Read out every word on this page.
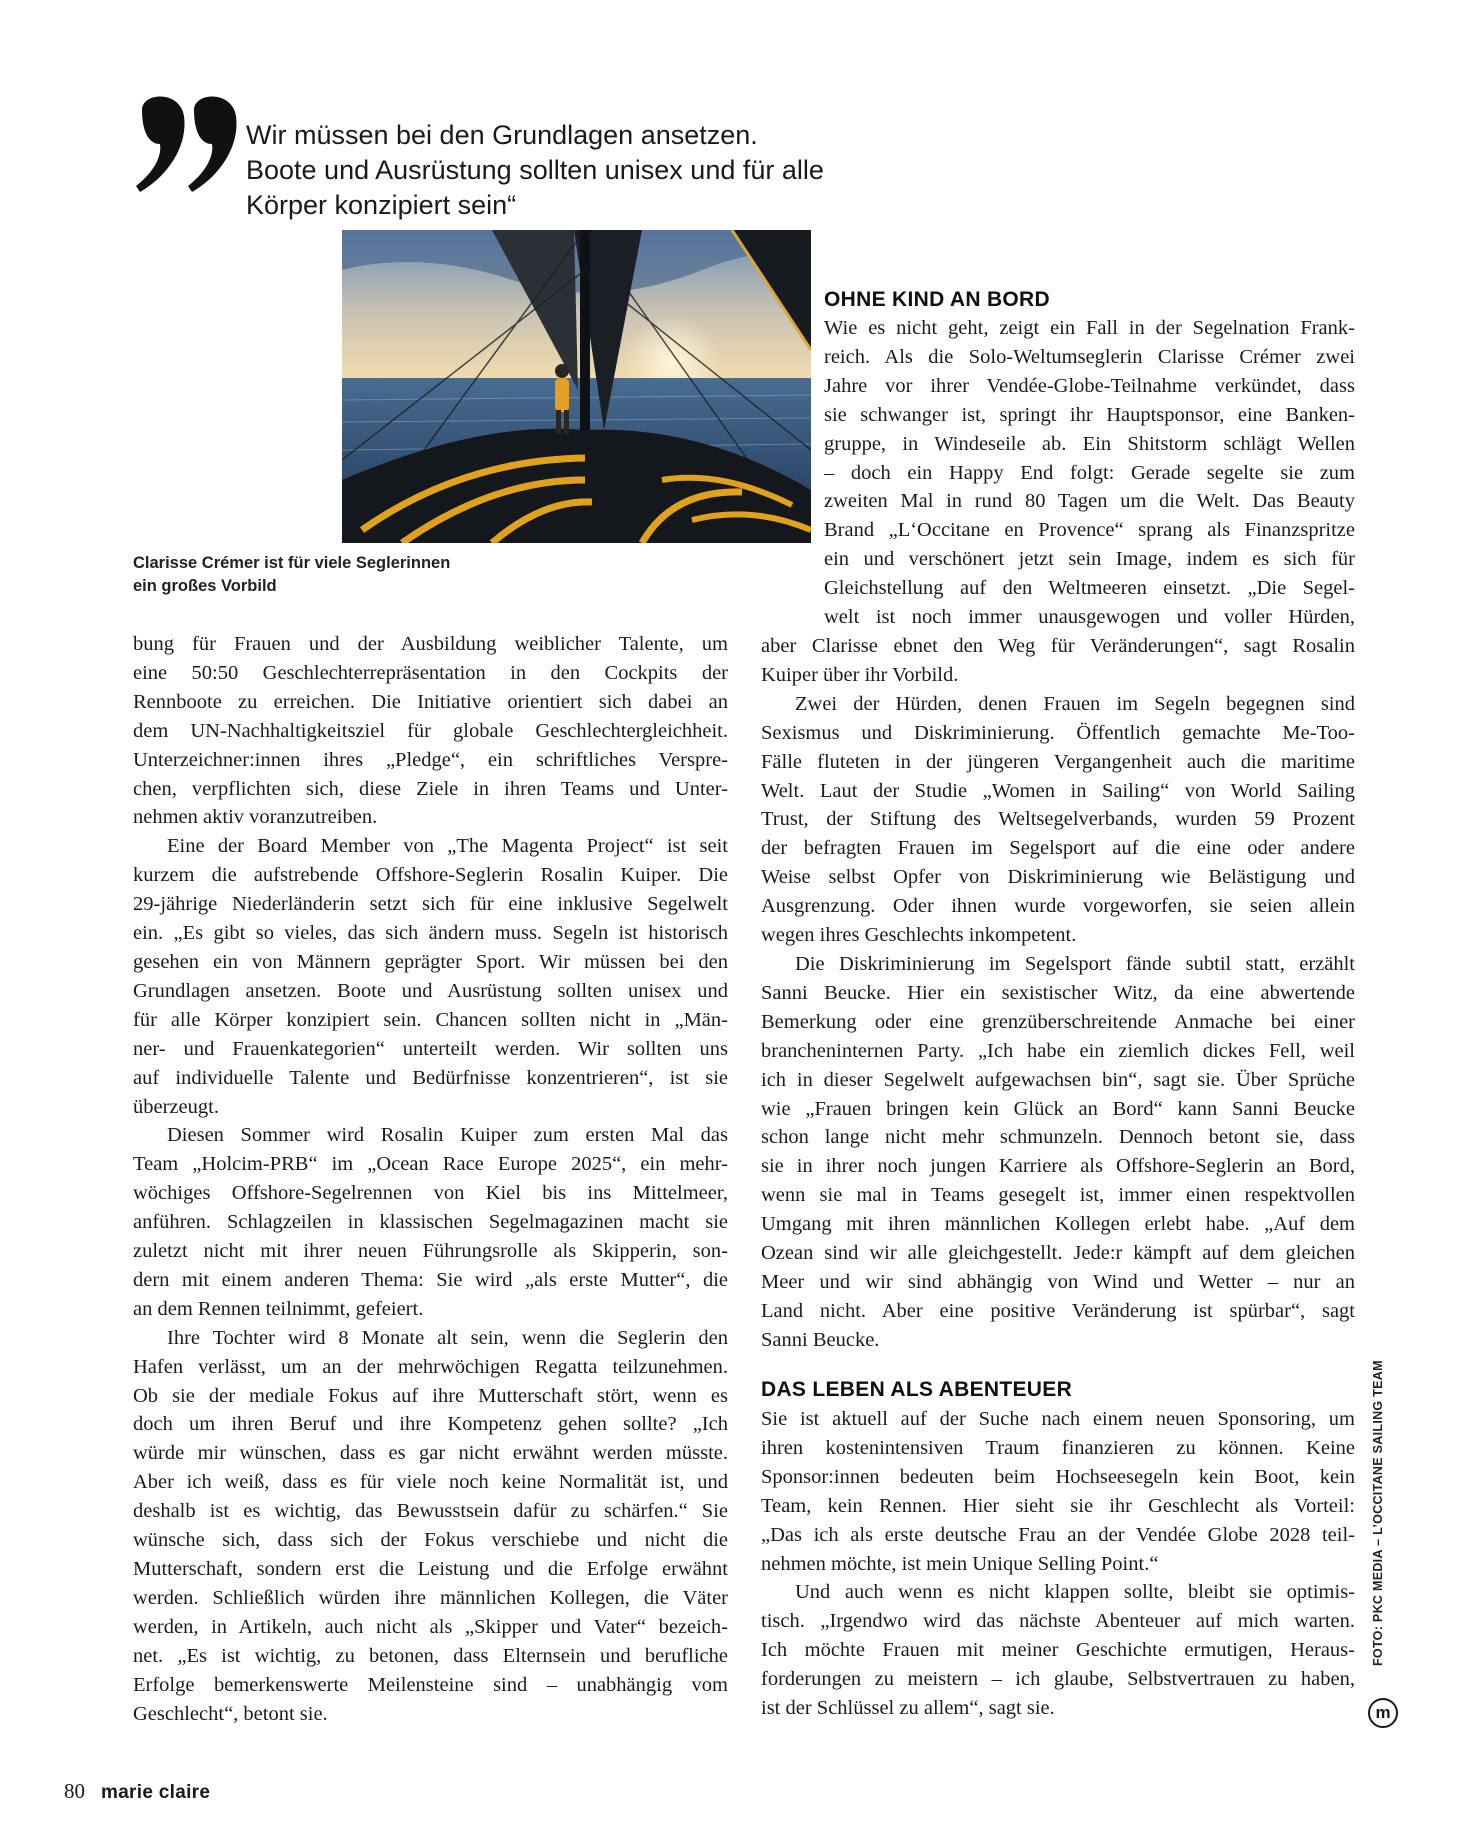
Wir müssen bei den Grundlagen ansetzen.
Boote und Ausrüstung sollten unisex und für alle
Körper konzipiert sein“
Clarisse Crémer ist für viele Seglerinnen
ein großes Vorbild
bung für Frauen und der Ausbildung weiblicher Talente, um
eine 50:50 Geschlechterrepräsentation in den Cockpits der
Rennboote zu erreichen. Die Initiative orientiert sich dabei an
dem UN-Nachhaltigkeitsziel für globale Geschlechtergleichheit.
Unterzeichner:innen ihres „Pledge“, ein schriftliches Verspre-
chen, verpflichten sich, diese Ziele in ihren Teams und Unter-
nehmen aktiv voranzutreiben.
Eine der Board Member von „The Magenta Project“ ist seit
kurzem die aufstrebende Offshore-Seglerin Rosalin Kuiper. Die
29-jährige Niederländerin setzt sich für eine inklusive Segelwelt
ein. „Es gibt so vieles, das sich ändern muss. Segeln ist historisch
gesehen ein von Männern geprägter Sport. Wir müssen bei den
Grundlagen ansetzen. Boote und Ausrüstung sollten unisex und
für alle Körper konzipiert sein. Chancen sollten nicht in „Män-
ner- und Frauenkategorien“ unterteilt werden. Wir sollten uns
auf individuelle Talente und Bedürfnisse konzentrieren“, ist sie
überzeugt.
Diesen Sommer wird Rosalin Kuiper zum ersten Mal das
Team „Holcim-PRB“ im „Ocean Race Europe 2025“, ein mehr-
wöchiges Offshore-Segelrennen von Kiel bis ins Mittelmeer,
anführen. Schlagzeilen in klassischen Segelmagazinen macht sie
zuletzt nicht mit ihrer neuen Führungsrolle als Skipperin, son-
dern mit einem anderen Thema: Sie wird „als erste Mutter“, die
an dem Rennen teilnimmt, gefeiert.
Ihre Tochter wird 8 Monate alt sein, wenn die Seglerin den
Hafen verlässt, um an der mehrwöchigen Regatta teilzunehmen.
Ob sie der mediale Fokus auf ihre Mutterschaft stört, wenn es
doch um ihren Beruf und ihre Kompetenz gehen sollte? „Ich
würde mir wünschen, dass es gar nicht erwähnt werden müsste.
Aber ich weiß, dass es für viele noch keine Normalität ist, und
deshalb ist es wichtig, das Bewusstsein dafür zu schärfen.“ Sie
wünsche sich, dass sich der Fokus verschiebe und nicht die
Mutterschaft, sondern erst die Leistung und die Erfolge erwähnt
werden. Schließlich würden ihre männlichen Kollegen, die Väter
werden, in Artikeln, auch nicht als „Skipper und Vater“ bezeich-
net. „Es ist wichtig, zu betonen, dass Elternsein und berufliche
Erfolge bemerkenswerte Meilensteine sind – unabhängig vom
Geschlecht“, betont sie.
OHNE KIND AN BORD
Wie es nicht geht, zeigt ein Fall in der Segelnation Frank-
reich. Als die Solo-Weltumseglerin Clarisse Crémer zwei
Jahre vor ihrer Vendée-Globe-Teilnahme verkündet, dass
sie schwanger ist, springt ihr Hauptsponsor, eine Banken-
gruppe, in Windeseile ab. Ein Shitstorm schlägt Wellen
– doch ein Happy End folgt: Gerade segelte sie zum
zweiten Mal in rund 80 Tagen um die Welt. Das Beauty
Brand „L‘Occitane en Provence“ sprang als Finanzspritze
ein und verschönert jetzt sein Image, indem es sich für
Gleichstellung auf den Weltmeeren einsetzt. „Die Segel-
welt ist noch immer unausgewogen und voller Hürden,
aber Clarisse ebnet den Weg für Veränderungen“, sagt Rosalin
Kuiper über ihr Vorbild.
Zwei der Hürden, denen Frauen im Segeln begegnen sind
Sexismus und Diskriminierung. Öffentlich gemachte Me-Too-
Fälle fluteten in der jüngeren Vergangenheit auch die maritime
Welt. Laut der Studie „Women in Sailing“ von World Sailing
Trust, der Stiftung des Weltsegelverbands, wurden 59 Prozent
der befragten Frauen im Segelsport auf die eine oder andere
Weise selbst Opfer von Diskriminierung wie Belästigung und
Ausgrenzung. Oder ihnen wurde vorgeworfen, sie seien allein
wegen ihres Geschlechts inkompetent.
Die Diskriminierung im Segelsport fände subtil statt, erzählt
Sanni Beucke. Hier ein sexistischer Witz, da eine abwertende
Bemerkung oder eine grenzüberschreitende Anmache bei einer
brancheninternen Party. „Ich habe ein ziemlich dickes Fell, weil
ich in dieser Segelwelt aufgewachsen bin“, sagt sie. Über Sprüche
wie „Frauen bringen kein Glück an Bord“ kann Sanni Beucke
schon lange nicht mehr schmunzeln. Dennoch betont sie, dass
sie in ihrer noch jungen Karriere als Offshore-Seglerin an Bord,
wenn sie mal in Teams gesegelt ist, immer einen respektvollen
Umgang mit ihren männlichen Kollegen erlebt habe. „Auf dem
Ozean sind wir alle gleichgestellt. Jede:r kämpft auf dem gleichen
Meer und wir sind abhängig von Wind und Wetter – nur an
Land nicht. Aber eine positive Veränderung ist spürbar“, sagt
Sanni Beucke.
DAS LEBEN ALS ABENTEUER
Sie ist aktuell auf der Suche nach einem neuen Sponsoring, um
ihren kostenintensiven Traum finanzieren zu können. Keine
Sponsor:innen bedeuten beim Hochseesegeln kein Boot, kein
Team, kein Rennen. Hier sieht sie ihr Geschlecht als Vorteil:
„Das ich als erste deutsche Frau an der Vendée Globe 2028 teil-
nehmen möchte, ist mein Unique Selling Point.“
Und auch wenn es nicht klappen sollte, bleibt sie optimis-
tisch. „Irgendwo wird das nächste Abenteuer auf mich warten.
Ich möchte Frauen mit meiner Geschichte ermutigen, Heraus-
forderungen zu meistern – ich glaube, Selbstvertrauen zu haben,
ist der Schlüssel zu allem“, sagt sie.
FOTO: PKC MEDIA – L’OCCITANE SAILING TEAM
m
80 marie claire
